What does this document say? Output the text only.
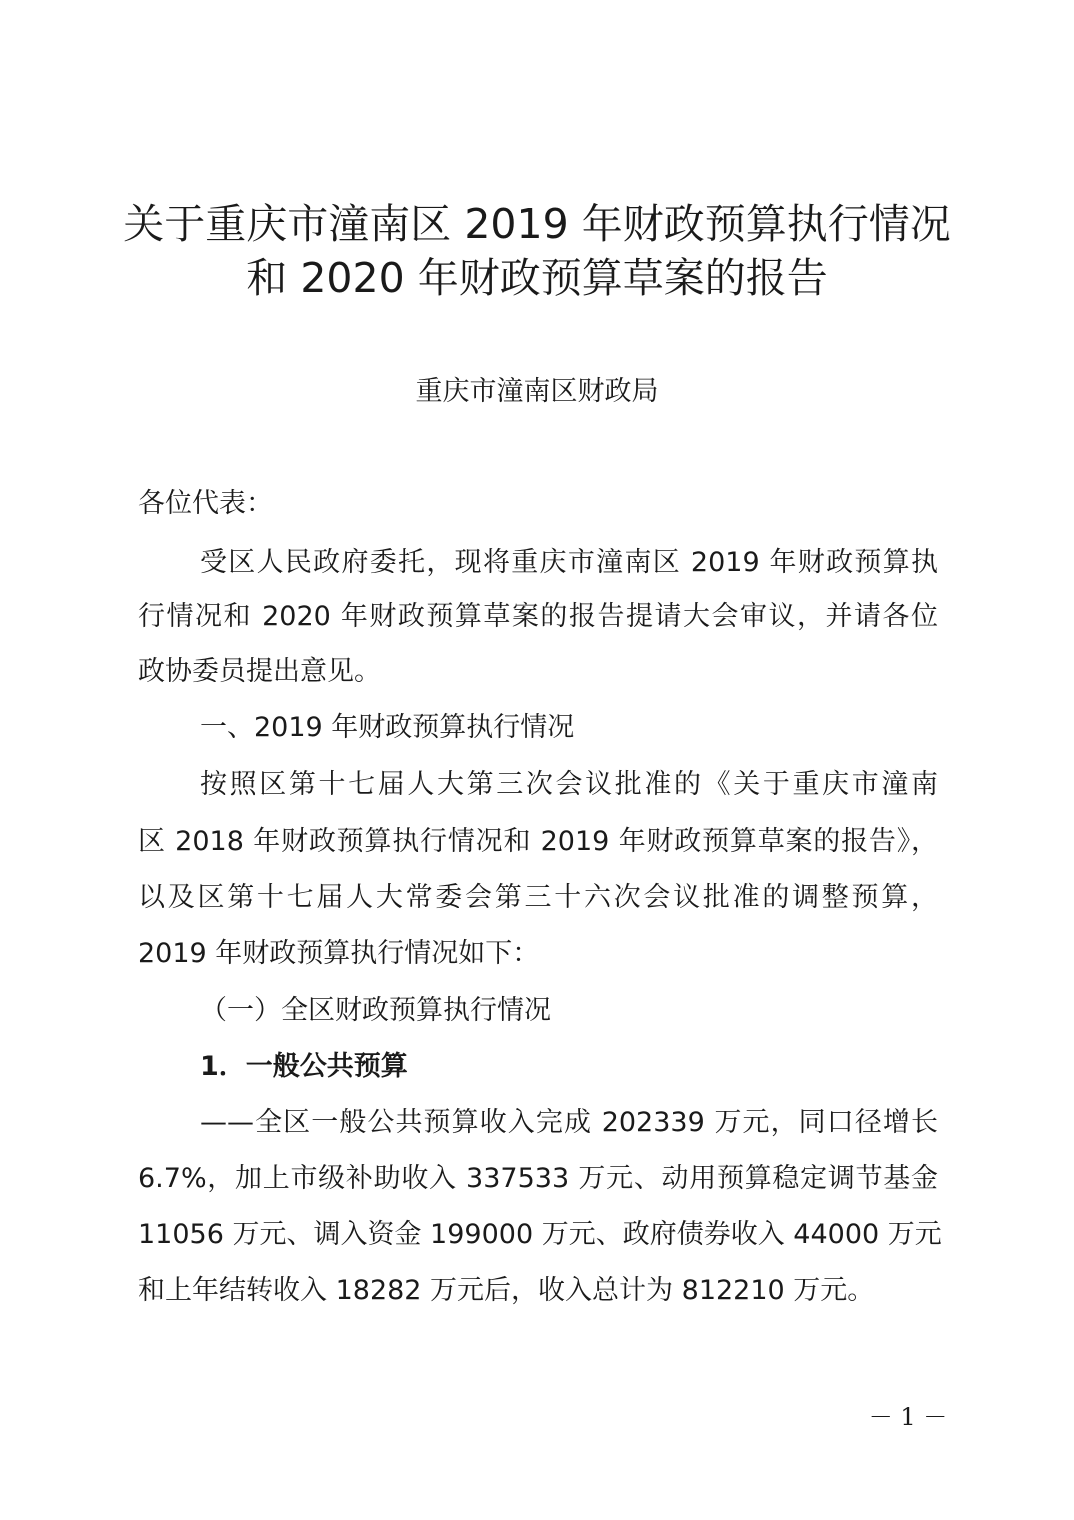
关于重庆市潼南区 2019 年财政预算执行情况
和 2020 年财政预算草案的报告
重庆市潼南区财政局
各位代表：
受区人民政府委托，现将重庆市潼南区 2019 年财政预算执
行情况和 2020 年财政预算草案的报告提请大会审议，并请各位
政协委员提出意见。
一、2019 年财政预算执行情况
按照区第十七届人大第三次会议批准的《关于重庆市潼南
区 2018 年财政预算执行情况和 2019 年财政预算草案的报告》，
以及区第十七届人大常委会第三十六次会议批准的调整预算，
2019 年财政预算执行情况如下：
（一）全区财政预算执行情况
1．一般公共预算
——全区一般公共预算收入完成 202339 万元，同口径增长
6.7%，加上市级补助收入 337533 万元、动用预算稳定调节基金
11056 万元、调入资金 199000 万元、政府债券收入 44000 万元
和上年结转收入 18282 万元后，收入总计为 812210 万元。
－ 1 －
